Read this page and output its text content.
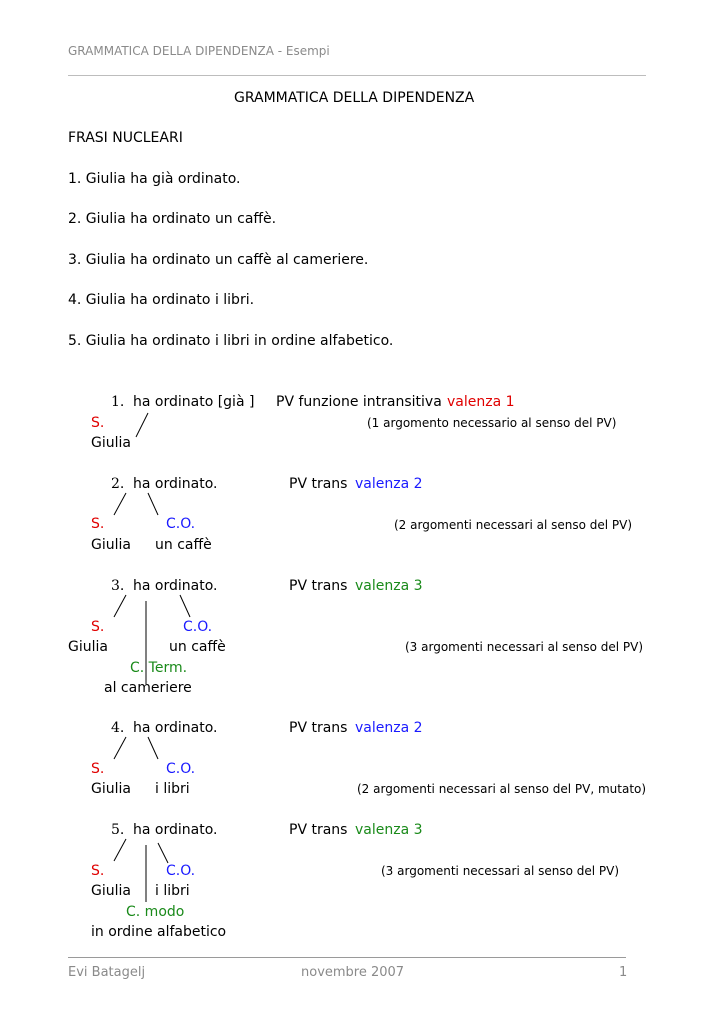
GRAMMATICA DELLA DIPENDENZA - Esempi
GRAMMATICA DELLA DIPENDENZA
FRASI NUCLEARI
1. Giulia ha già ordinato.
2. Giulia ha ordinato un caffè.
3. Giulia ha ordinato un caffè al cameriere.
4. Giulia ha ordinato i libri.
5. Giulia ha ordinato i libri in ordine alfabetico.
1. ha ordinato [già ] PV funzione intransitiva valenza 1
S.	(1 argomento necessario al senso del PV)
Giulia
2. ha ordinato.	PV trans valenza 2
S.	C.O.	(2 argomenti necessari al senso del PV)
Giulia un caffè
3. ha ordinato.	PV trans valenza 3
S.	C.O.
Giulia	un caffè	(3 argomenti necessari al senso del PV)
C. Term.
al cameriere
4. ha ordinato.	PV trans valenza 2
S.	C.O.
Giulia i libri	(2 argomenti necessari al senso del PV, mutato)
5. ha ordinato.	PV trans valenza 3
S.	C.O.	(3 argomenti necessari al senso del PV)
Giulia i libri
C. modo
in ordine alfabetico
Evi Batagelj	novembre 2007	1
